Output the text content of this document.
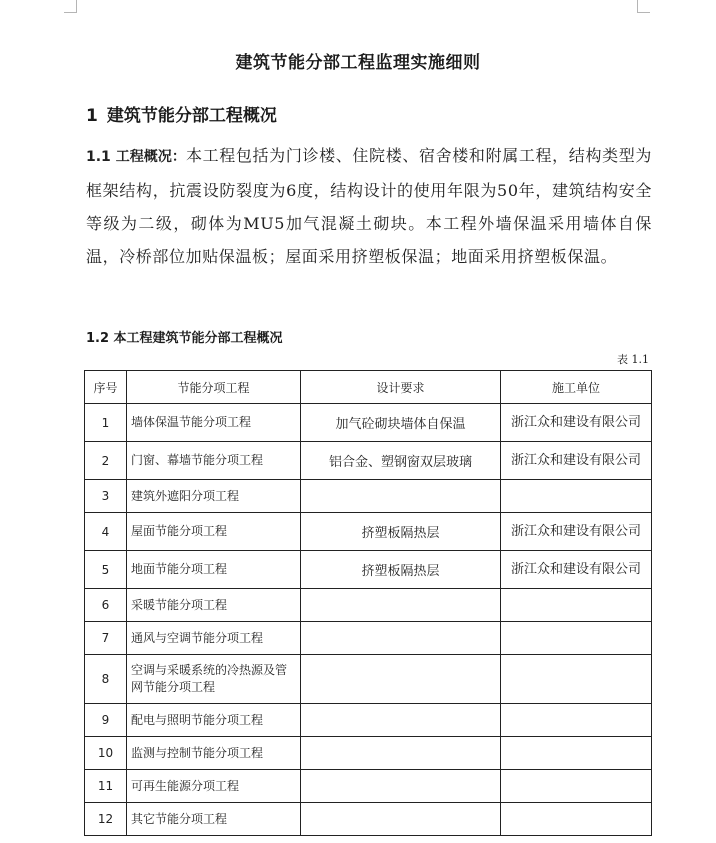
建筑节能分部工程监理实施细则
1 建筑节能分部工程概况
1.1 工程概况：本工程包括为门诊楼、住院楼、宿舍楼和附属工程，结构类型为框架结构，抗震设防裂度为6度，结构设计的使用年限为50年，建筑结构安全等级为二级，砌体为MU5加气混凝土砌块。本工程外墙保温采用墙体自保温，冷桥部位加贴保温板；屋面采用挤塑板保温；地面采用挤塑板保温。
1.2 本工程建筑节能分部工程概况
表 1.1
序号	节能分项工程	设计要求	施工单位
1	墙体保温节能分项工程	加气砼砌块墙体自保温	浙江众和建设有限公司
2	门窗、幕墙节能分项工程	铝合金、塑钢窗双层玻璃	浙江众和建设有限公司
3	建筑外遮阳分项工程		
4	屋面节能分项工程	挤塑板隔热层	浙江众和建设有限公司
5	地面节能分项工程	挤塑板隔热层	浙江众和建设有限公司
6	采暖节能分项工程		
7	通风与空调节能分项工程		
8	空调与采暖系统的冷热源及管网节能分项工程		
9	配电与照明节能分项工程		
10	监测与控制节能分项工程		
11	可再生能源分项工程		
12	其它节能分项工程		
